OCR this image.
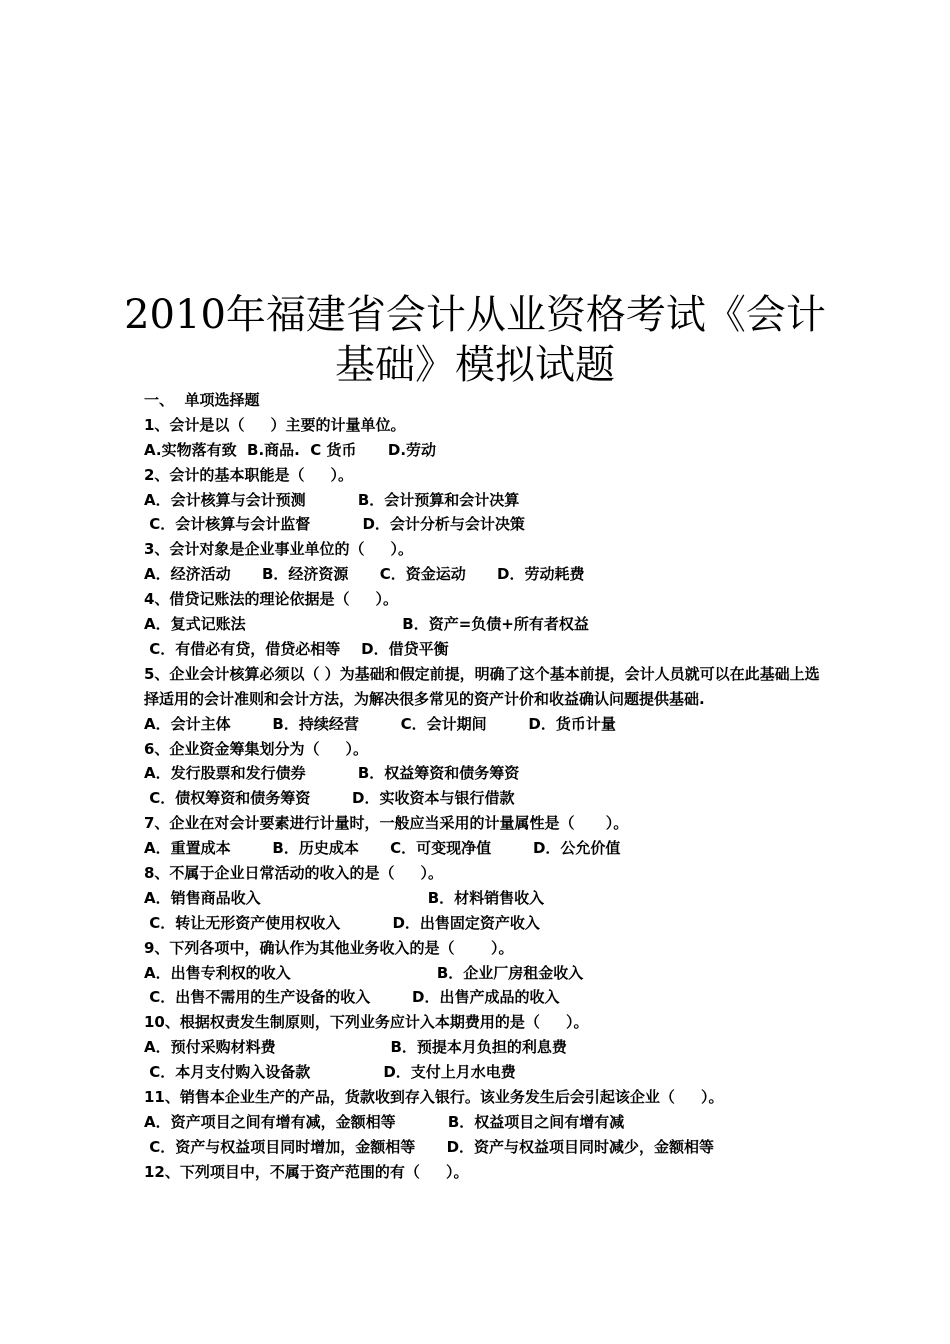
2010年福建省会计从业资格考试《会计基础》模拟试题
一、  单项选择题
1、会计是以（     ）主要的计量单位。
A.实物落有致  B.商品.  C 货币      D.劳动
2、会计的基本职能是（     ）。
A．会计核算与会计预测          B．会计预算和会计决算
C．会计核算与会计监督          D．会计分析与会计决策
3、会计对象是企业事业单位的（     ）。
A．经济活动      B．经济资源      C．资金运动      D．劳动耗费
4、借贷记账法的理论依据是（     ）。
A．复式记账法                              B．资产=负债+所有者权益
C．有借必有贷，借贷必相等    D．借贷平衡
5、企业会计核算必须以（ ）为基础和假定前提，明确了这个基本前提，会计人员就可以在此基础上选择适用的会计准则和会计方法，为解决很多常见的资产计价和收益确认问题提供基础.
A．会计主体        B．持续经营        C．会计期间        D．货币计量
6、企业资金筹集划分为（     ）。
A．发行股票和发行债券          B．权益筹资和债务筹资
C．债权筹资和债务筹资        D．实收资本与银行借款
7、企业在对会计要素进行计量时，一般应当采用的计量属性是（      ）。
A．重置成本        B．历史成本      C．可变现净值        D．公允价值
8、不属于企业日常活动的收入的是（     ）。
A．销售商品收入                                B．材料销售收入
C．转让无形资产使用权收入          D．出售固定资产收入
9、下列各项中，确认作为其他业务收入的是（       ）。
A．出售专利权的收入                            B．企业厂房租金收入
C．出售不需用的生产设备的收入        D．出售产成品的收入
10、根据权责发生制原则，下列业务应计入本期费用的是（     ）。
A．预付采购材料费                      B．预提本月负担的利息费
C．本月支付购入设备款              D．支付上月水电费
11、销售本企业生产的产品，货款收到存入银行。该业务发生后会引起该企业（     ）。
A．资产项目之间有增有减，金额相等          B．权益项目之间有增有减
C．资产与权益项目同时增加，金额相等      D．资产与权益项目同时减少，金额相等
12、下列项目中，不属于资产范围的有（     ）。
